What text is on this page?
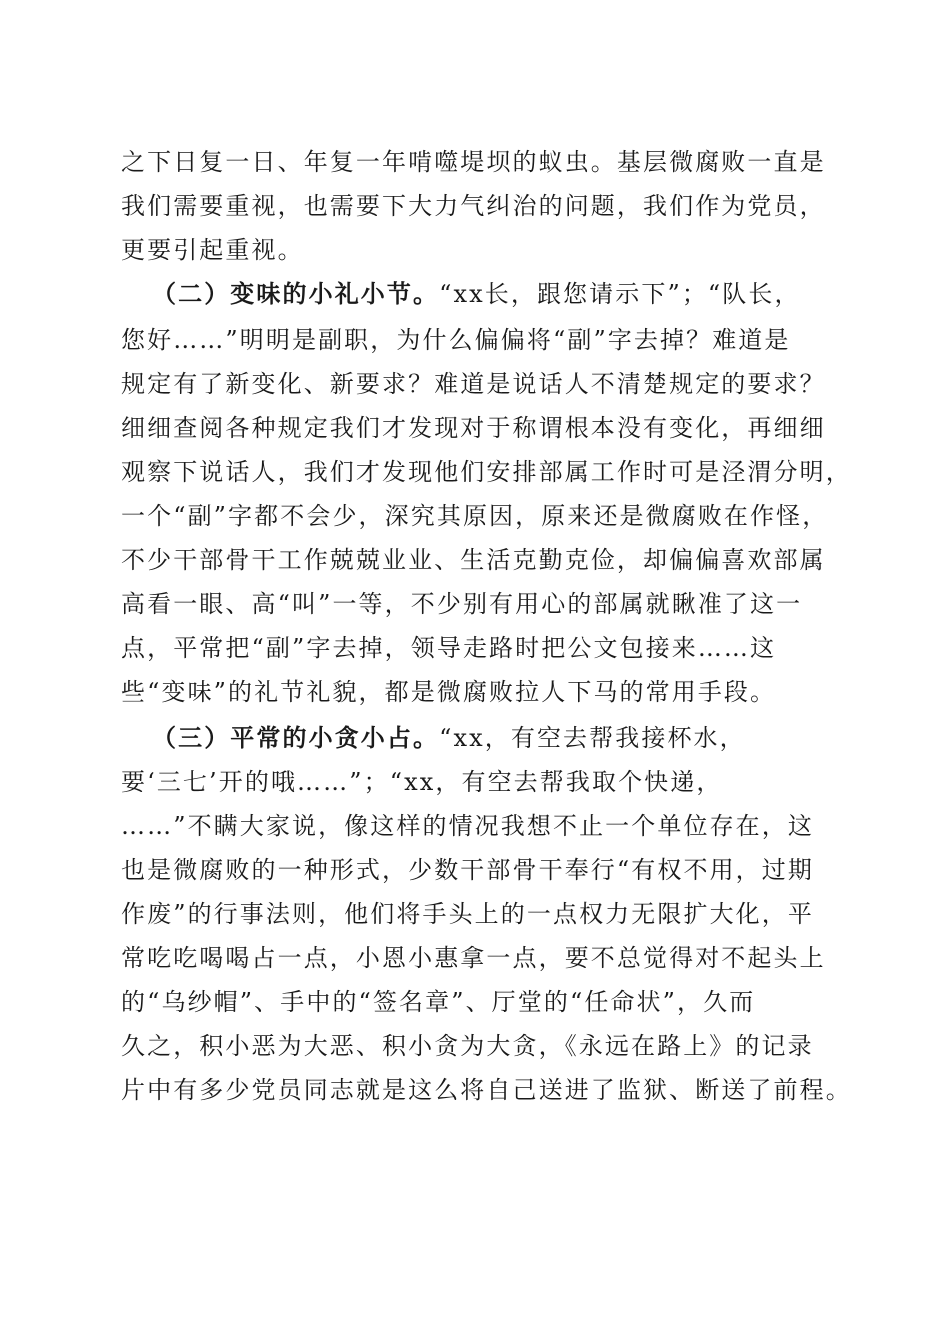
之下日复一日、年复一年啃噬堤坝的蚁虫。基层微腐败一直是

我们需要重视，也需要下大力气纠治的问题，我们作为党员，

更要引起重视。

（二）变味的小礼小节。“xx长，跟您请示下”；“队长，

您好……”明明是副职，为什么偏偏将“副”字去掉？难道是

规定有了新变化、新要求？难道是说话人不清楚规定的要求？

细细查阅各种规定我们才发现对于称谓根本没有变化，再细细

观察下说话人，我们才发现他们安排部属工作时可是泾渭分明，

一个“副”字都不会少，深究其原因，原来还是微腐败在作怪，

不少干部骨干工作兢兢业业、生活克勤克俭，却偏偏喜欢部属

高看一眼、高“叫”一等，不少别有用心的部属就瞅准了这一

点，平常把“副”字去掉，领导走路时把公文包接来……这

些“变味”的礼节礼貌，都是微腐败拉人下马的常用手段。

（三）平常的小贪小占。“xx，有空去帮我接杯水，

要‘三七’开的哦……”；“xx，有空去帮我取个快递，

……”不瞒大家说，像这样的情况我想不止一个单位存在，这

也是微腐败的一种形式，少数干部骨干奉行“有权不用，过期

作废”的行事法则，他们将手头上的一点权力无限扩大化，平

常吃吃喝喝占一点，小恩小惠拿一点，要不总觉得对不起头上

的“乌纱帽”、手中的“签名章”、厅堂的“任命状”，久而

久之，积小恶为大恶、积小贪为大贪，《永远在路上》的记录

片中有多少党员同志就是这么将自己送进了监狱、断送了前程。
